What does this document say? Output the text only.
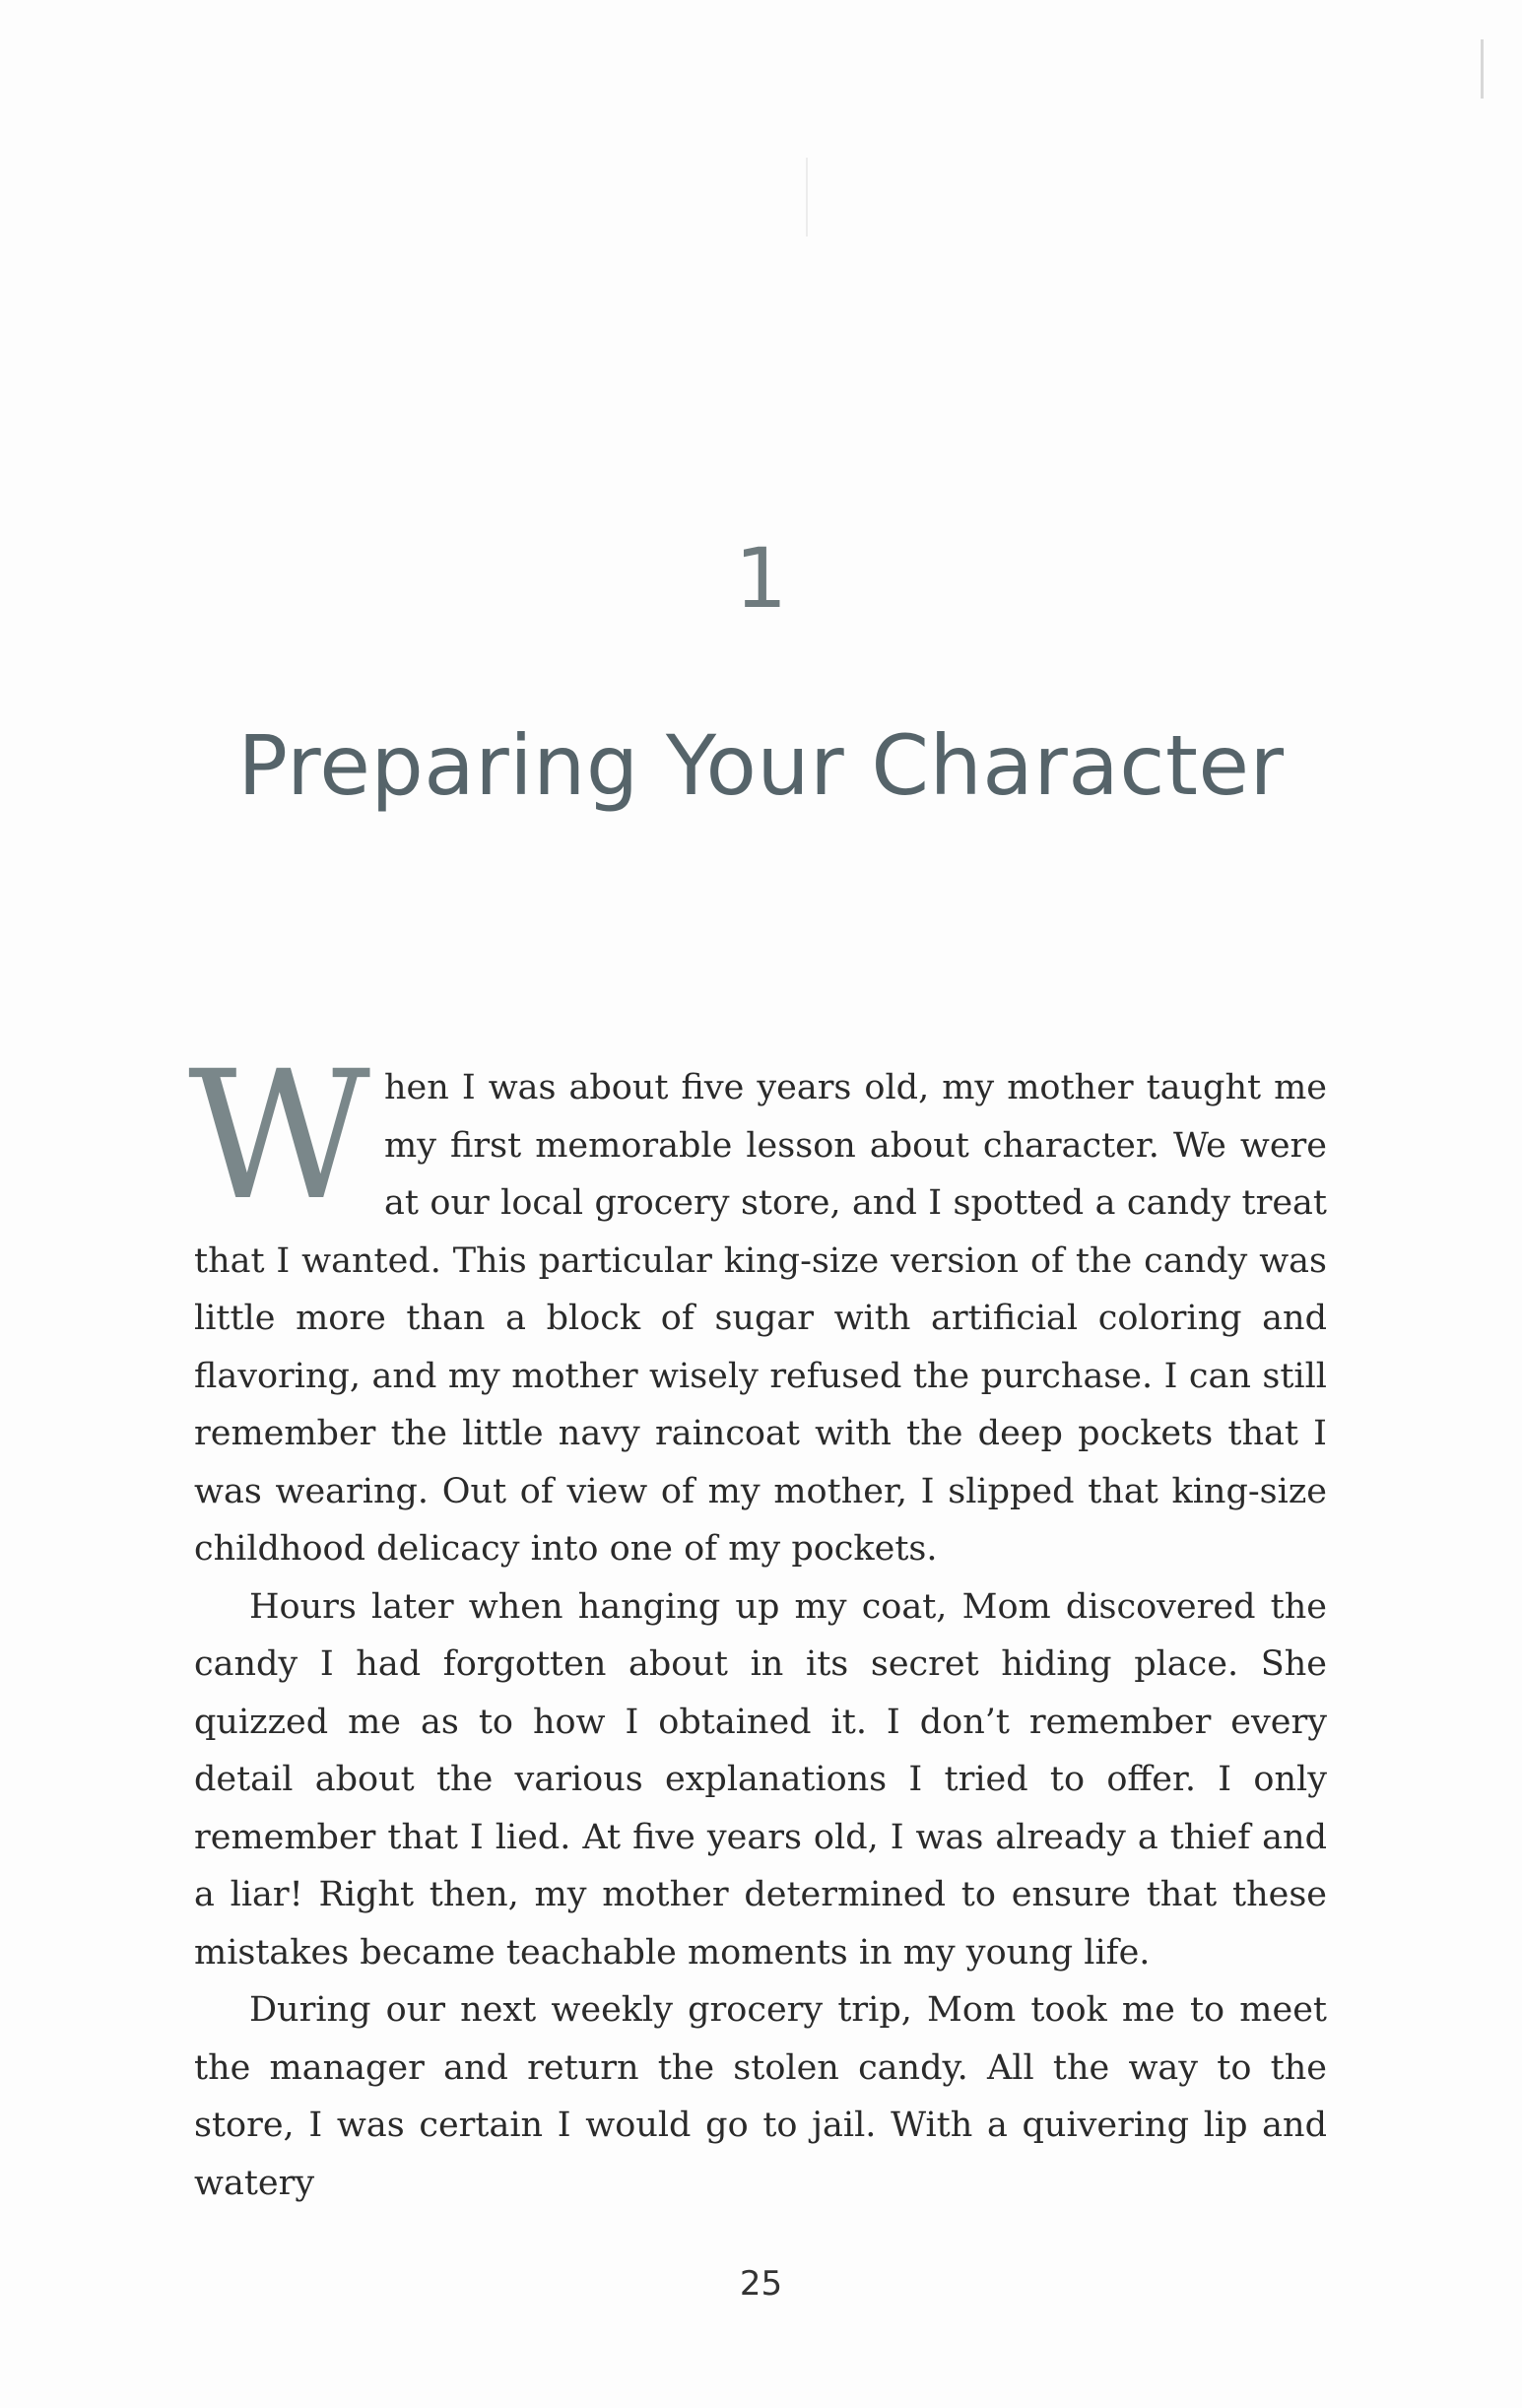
1
Preparing Your Character

When I was about five years old, my mother taught me my first memorable lesson about character. We were at our local grocery store, and I spotted a candy treat that I wanted. This particular king-size version of the candy was little more than a block of sugar with artificial coloring and flavoring, and my mother wisely refused the purchase. I can still remember the little navy raincoat with the deep pockets that I was wearing. Out of view of my mother, I slipped that king-size childhood delicacy into one of my pockets.

Hours later when hanging up my coat, Mom discovered the candy I had forgotten about in its secret hiding place. She quizzed me as to how I obtained it. I don’t remember every detail about the various explanations I tried to offer. I only remember that I lied. At five years old, I was already a thief and a liar! Right then, my mother determined to ensure that these mistakes became teachable moments in my young life.

During our next weekly grocery trip, Mom took me to meet the manager and return the stolen candy. All the way to the store, I was certain I would go to jail. With a quivering lip and watery

25
